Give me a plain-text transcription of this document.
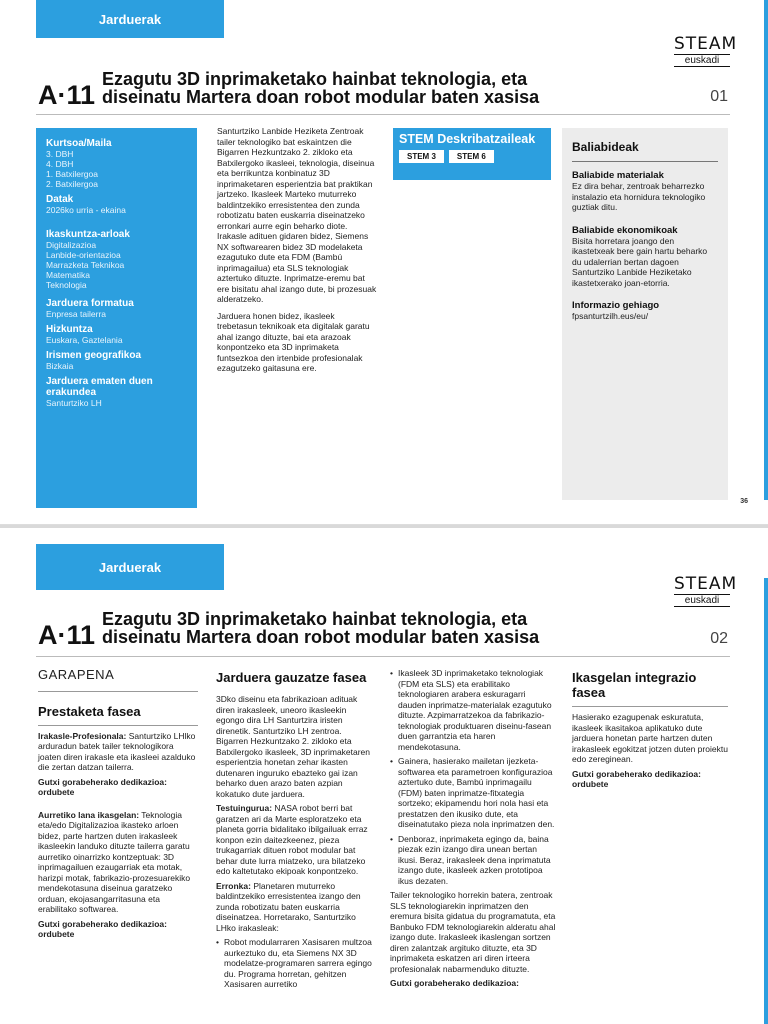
Jarduerak
STEAM
euskadi
A·11
Ezagutu 3D inprimaketako hainbat teknologia, eta diseinatu Martera doan robot modular baten xasisa	01
Kurtsoa/Maila
3. DBH
4. DBH
1. Batxilergoa
2. Batxilergoa
Datak
2026ko urria - ekaina
Ikaskuntza-arloak
Digitalizazioa
Lanbide-orientazioa
Marrazketa Teknikoa
Matematika
Teknologia
Jarduera formatua
Enpresa tailerra
Hizkuntza
Euskara, Gaztelania
Irismen geografikoa
Bizkaia
Jarduera ematen duen erakundea
Santurtziko LH

Santurtziko Lanbide Heziketa Zentroak tailer teknologiko bat eskaintzen die Bigarren Hezkuntzako 2. zikloko eta Batxilergoko ikasleei, teknologia, diseinua eta berrikuntza konbinatuz 3D inprimaketaren esperientzia bat praktikan jartzeko. Ikasleek Marteko muturreko baldintzekiko erresistentea den zunda robotizatu baten euskarria diseinatzeko erronkari aurre egin beharko diote. Irakasle adituen gidaren bidez, Siemens NX softwarearen bidez 3D modelaketa ezagutuko dute eta FDM (Bambú inprimagailua) eta SLS teknologiak aztertuko dituzte. Inprimatze-eremu bat ere bisitatu ahal izango dute, bi prozesuak alderatzeko.

Jarduera honen bidez, ikasleek trebetasun teknikoak eta digitalak garatu ahal izango dituzte, bai eta arazoak konpontzeko eta 3D inprimaketa funtsezkoa den irtenbide profesionalak ezagutzeko gaitasuna ere.

STEM Deskribatzaileak
STEM 3	STEM 6
Baliabideak
Baliabide materialak
Ez dira behar, zentroak beharrezko instalazio eta hornidura teknologiko guztiak ditu.
Baliabide ekonomikoak
Bisita horretara joango den ikastetxeak bere gain hartu beharko du udalerrian bertan dagoen Santurtziko Lanbide Heziketako ikastetxerako joan-etorria.
Informazio gehiago
fpsanturtzilh.eus/eu/
36
Jarduerak
STEAM
euskadi
A·11
Ezagutu 3D inprimaketako hainbat teknologia, eta diseinatu Martera doan robot modular baten xasisa	02
GARAPENA
Prestaketa fasea

Irakasle-Profesionala: Santurtziko LHlko arduradun batek tailer teknologikora joaten diren irakasle eta ikasleei azalduko die zertan datzan tailerra.

Gutxi gorabeherako dedikazioa: ordubete

Aurretiko lana ikasgelan: Teknologia eta/edo Digitalizazioa ikasteko arloen bidez, parte hartzen duten irakasleek ikasleekin landuko dituzte tailerra garatu aurretiko oinarrizko kontzeptuak: 3D inprimagailuen ezaugarriak eta motak, harizpi motak, fabrikazio-prozesuarekiko mendekotasuna diseinua garatzeko orduan, ekojasangarritasuna eta erabilitako softwarea.

Gutxi gorabeherako dedikazioa: ordubete

Jarduera gauzatze fasea

3Dko diseinu eta fabrikazioan adituak diren irakasleek, uneoro ikasleekin egongo dira LH Santurtzira iristen direnetik. Santurtziko LH zentroa. Bigarren Hezkuntzako 2. zikloko eta Batxilergoko ikasleek, 3D inprimaketaren esperientzia honetan zehar ikasten dutenaren inguruko ebazteko gai izan beharko duen arazo baten azpian kokatuko dute jarduera.

Testuingurua: NASA robot berri bat garatzen ari da Marte esploratzeko eta planeta gorria bidalitako ibilgailuak erraz konpon ezin daitezkeenez, pieza trukagarriak dituen robot modular bat behar dute lurra miatzeko, ura bilatzeko edo kaltetutako ekipoak konpontzeko.

Erronka: Planetaren muturreko baldintzekiko erresistentea izango den zunda robotizatu baten euskarria diseinatzea. Horretarako, Santurtziko LHko irakasleak:

• Robot modularraren Xasisaren multzoa aurkeztuko du, eta Siemens NX 3D modelatze-programaren sarrera egingo du. Programa horretan, gehitzen Xasisaren aurretiko
• Ikasleek 3D inprimaketako teknologiak (FDM eta SLS) eta erabilitako teknologiaren arabera eskuragarri dauden inprimatze-materialak ezagutuko dituzte. Azpimarratzekoa da fabrikazio-teknologiak produktuaren diseinu-fasean duen garrantzia eta haren mendekotasuna.
• Gainera, hasierako mailetan ijezketa-softwarea eta parametroen konfigurazioa aztertuko dute, Bambú inprimagailu (FDM) baten inprimatze-fitxategia sortzeko; ekipamendu hori nola hasi eta prestatzen den ikusiko dute, eta diseinatutako pieza nola inprimatzen den.
• Denboraz, inprimaketa egingo da, baina piezak ezin izango dira unean bertan ikusi. Beraz, irakasleek dena inprimatuta izango dute, ikasleek azken prototipoa ikus dezaten.

Tailer teknologiko horrekin batera, zentroak SLS teknologiarekin inprimatzen den eremura bisita gidatua du programatuta, eta Banbuko FDM teknologiarekin alderatu ahal izango dute. Irakasleek ikaslengan sortzen diren zalantzak argituko dituzte, eta 3D inprimaketa eskatzen ari diren irteera profesionalak nabarmenduko dituzte.

Gutxi gorabeherako dedikazioa:

Ikasgelan integrazio fasea

Hasierako ezagupenak eskuratuta, ikasleek ikasitakoa aplikatuko dute jarduera honetan parte hartzen duten irakasleek egokitzat jotzen duten proiektu edo zereginean.

Gutxi gorabeherako dedikazioa: ordubete
